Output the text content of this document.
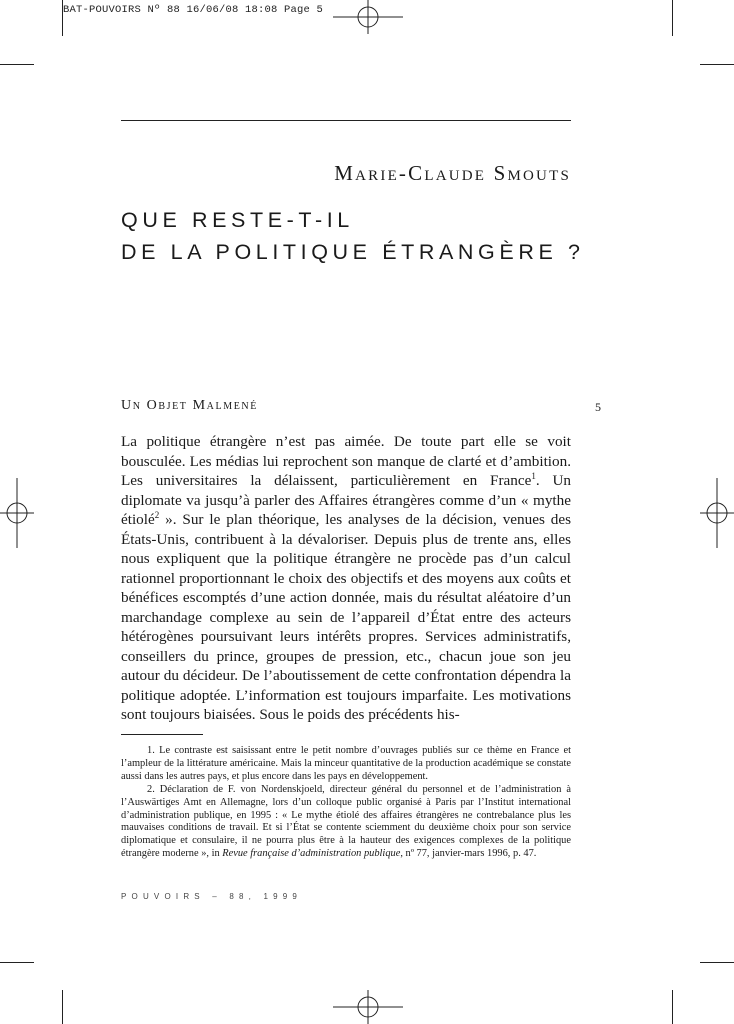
BAT-POUVOIRS Nº 88 16/06/08 18:08 Page 5
Marie-Claude Smouts
QUE RESTE-T-IL
DE LA POLITIQUE ÉTRANGÈRE ?
Un Objet Malmené	5

La politique étrangère n’est pas aimée. De toute part elle se voit bousculée. Les médias lui reprochent son manque de clarté et d’ambition. Les universitaires la délaissent, particulièrement en France$^1$. Un diplomate va jusqu’à parler des Affaires étrangères comme d’un « mythe étiolé$^2$ ». Sur le plan théorique, les analyses de la décision, venues des États-Unis, contribuent à la dévaloriser. Depuis plus de trente ans, elles nous expliquent que la politique étrangère ne procède pas d’un calcul rationnel proportionnant le choix des objectifs et des moyens aux coûts et bénéfices escomptés d’une action donnée, mais du résultat aléatoire d’un marchandage complexe au sein de l’appareil d’État entre des acteurs hétérogènes poursuivant leurs intérêts propres. Services administratifs, conseillers du prince, groupes de pression, etc., chacun joue son jeu autour du décideur. De l’aboutissement de cette confrontation dépendra la politique adoptée. L’information est toujours imparfaite. Les motivations sont toujours biaisées. Sous le poids des précédents his-

1. Le contraste est saisissant entre le petit nombre d’ouvrages publiés sur ce thème en France et l’ampleur de la littérature américaine. Mais la minceur quantitative de la production académique se constate aussi dans les autres pays, et plus encore dans les pays en développement.

2. Déclaration de F. von Nordenskjoeld, directeur général du personnel et de l’administration à l’Auswärtiges Amt en Allemagne, lors d’un colloque public organisé à Paris par l’Institut international d’administration publique, en 1995 : « Le mythe étiolé des affaires étrangères ne contrebalance plus les mauvaises conditions de travail. Et si l’État se contente sciemment du deuxième choix pour son service diplomatique et consulaire, il ne pourra plus être à la hauteur des exigences complexes de la politique étrangère moderne », in Revue française d’administration publique, nº 77, janvier-mars 1996, p. 47.

POUVOIRS – 88, 1999
